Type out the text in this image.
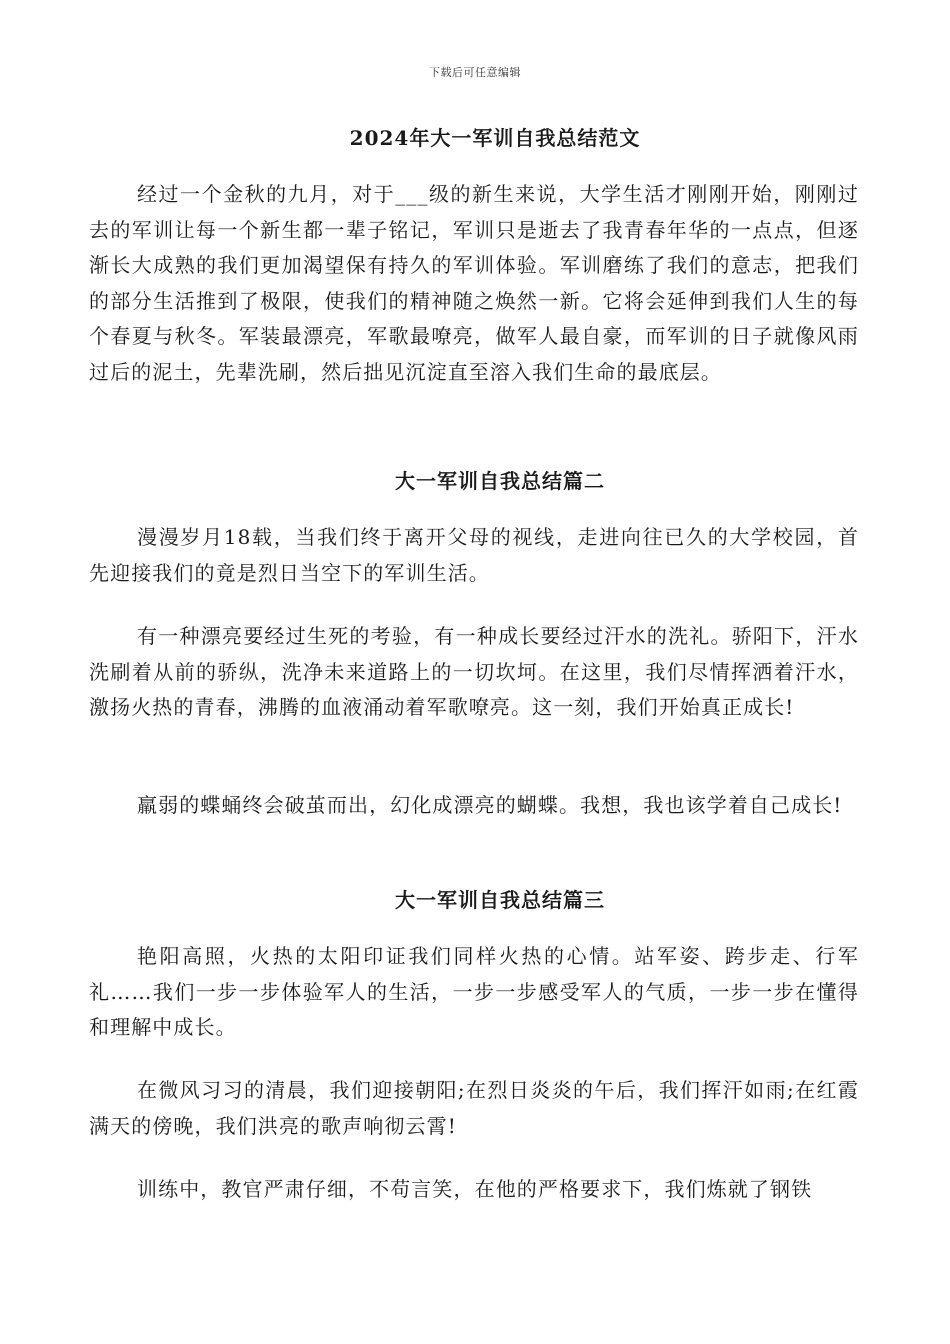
下载后可任意编辑
2024年大一军训自我总结范文
经过一个金秋的九月，对于___级的新生来说，大学生活才刚刚开始，刚刚过去的军训让每一个新生都一辈子铭记，军训只是逝去了我青春年华的一点点，但逐渐长大成熟的我们更加渴望保有持久的军训体验。军训磨练了我们的意志，把我们的部分生活推到了极限，使我们的精神随之焕然一新。它将会延伸到我们人生的每个春夏与秋冬。军装最漂亮，军歌最嘹亮，做军人最自豪，而军训的日子就像风雨过后的泥土，先辈洗刷，然后拙见沉淀直至溶入我们生命的最底层。
大一军训自我总结篇二
漫漫岁月18载，当我们终于离开父母的视线，走进向往已久的大学校园，首先迎接我们的竟是烈日当空下的军训生活。
有一种漂亮要经过生死的考验，有一种成长要经过汗水的洗礼。骄阳下，汗水洗刷着从前的骄纵，洗净未来道路上的一切坎坷。在这里，我们尽情挥洒着汗水，激扬火热的青春，沸腾的血液涌动着军歌嘹亮。这一刻，我们开始真正成长!
羸弱的蝶蛹终会破茧而出，幻化成漂亮的蝴蝶。我想，我也该学着自己成长!
大一军训自我总结篇三
艳阳高照，火热的太阳印证我们同样火热的心情。站军姿、跨步走、行军礼……我们一步一步体验军人的生活，一步一步感受军人的气质，一步一步在懂得和理解中成长。
在微风习习的清晨，我们迎接朝阳;在烈日炎炎的午后，我们挥汗如雨;在红霞满天的傍晚，我们洪亮的歌声响彻云霄!
训练中，教官严肃仔细，不苟言笑，在他的严格要求下，我们炼就了钢铁
